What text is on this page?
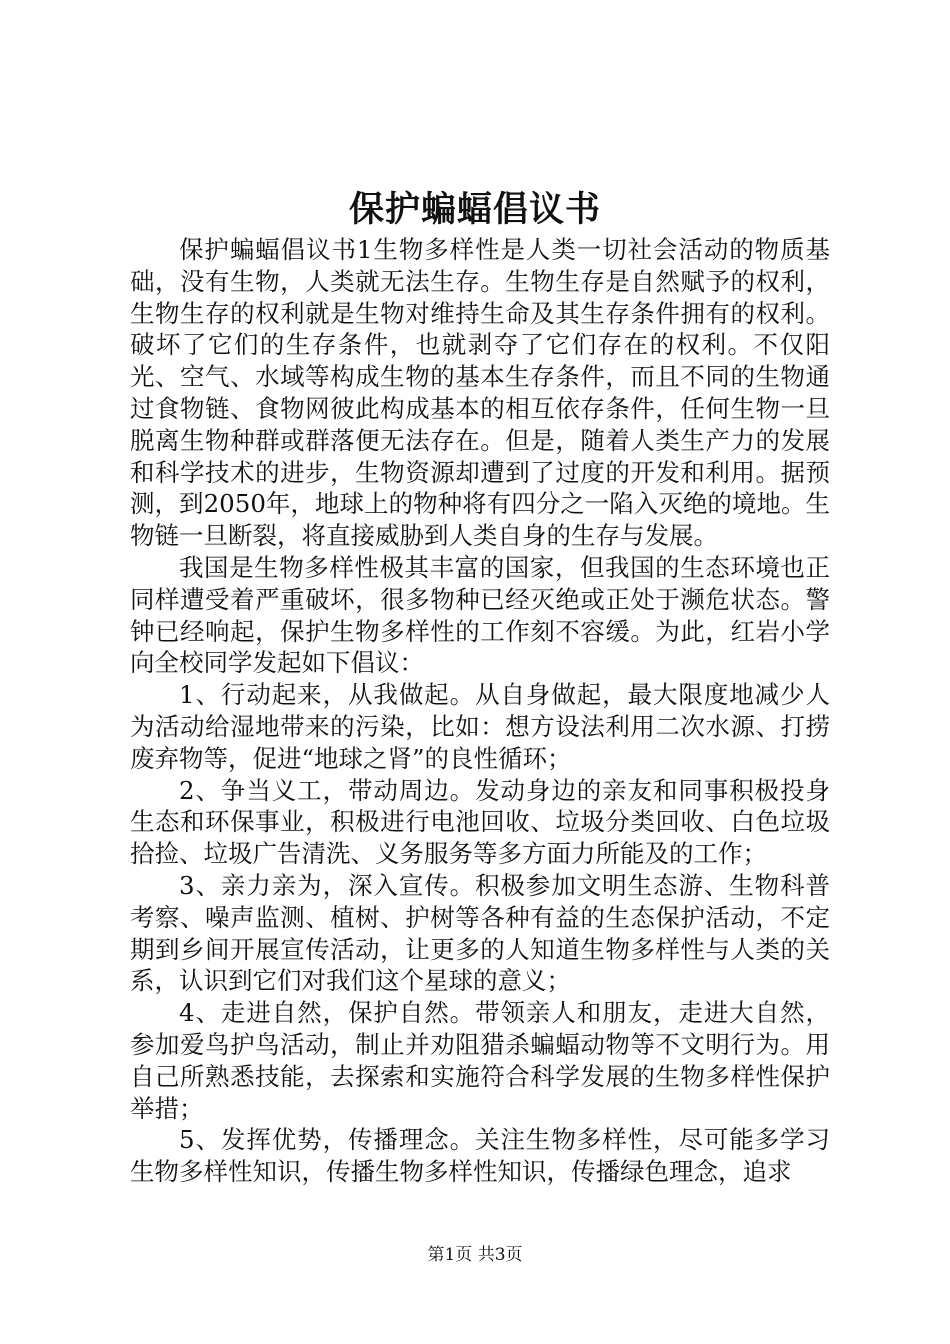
保护蝙蝠倡议书

保护蝙蝠倡议书1生物多样性是人类一切社会活动的物质基础，没有生物，人类就无法生存。生物生存是自然赋予的权利，生物生存的权利就是生物对维持生命及其生存条件拥有的权利。破坏了它们的生存条件，也就剥夺了它们存在的权利。不仅阳光、空气、水域等构成生物的基本生存条件，而且不同的生物通过食物链、食物网彼此构成基本的相互依存条件，任何生物一旦脱离生物种群或群落便无法存在。但是，随着人类生产力的发展和科学技术的进步，生物资源却遭到了过度的开发和利用。据预测，到2050年，地球上的物种将有四分之一陷入灭绝的境地。生物链一旦断裂，将直接威胁到人类自身的生存与发展。

我国是生物多样性极其丰富的国家，但我国的生态环境也正同样遭受着严重破坏，很多物种已经灭绝或正处于濒危状态。警钟已经响起，保护生物多样性的工作刻不容缓。为此，红岩小学向全校同学发起如下倡议：

1、行动起来，从我做起。从自身做起，最大限度地减少人为活动给湿地带来的污染，比如：想方设法利用二次水源、打捞废弃物等，促进“地球之肾”的良性循环；

2、争当义工，带动周边。发动身边的亲友和同事积极投身生态和环保事业，积极进行电池回收、垃圾分类回收、白色垃圾拾捡、垃圾广告清洗、义务服务等多方面力所能及的工作；

3、亲力亲为，深入宣传。积极参加文明生态游、生物科普考察、噪声监测、植树、护树等各种有益的生态保护活动，不定期到乡间开展宣传活动，让更多的人知道生物多样性与人类的关系，认识到它们对我们这个星球的意义；

4、走进自然，保护自然。带领亲人和朋友，走进大自然，参加爱鸟护鸟活动，制止并劝阻猎杀蝙蝠动物等不文明行为。用自己所熟悉技能，去探索和实施符合科学发展的生物多样性保护举措；

5、发挥优势，传播理念。关注生物多样性，尽可能多学习生物多样性知识，传播生物多样性知识，传播绿色理念，追求

第1页 共3页
